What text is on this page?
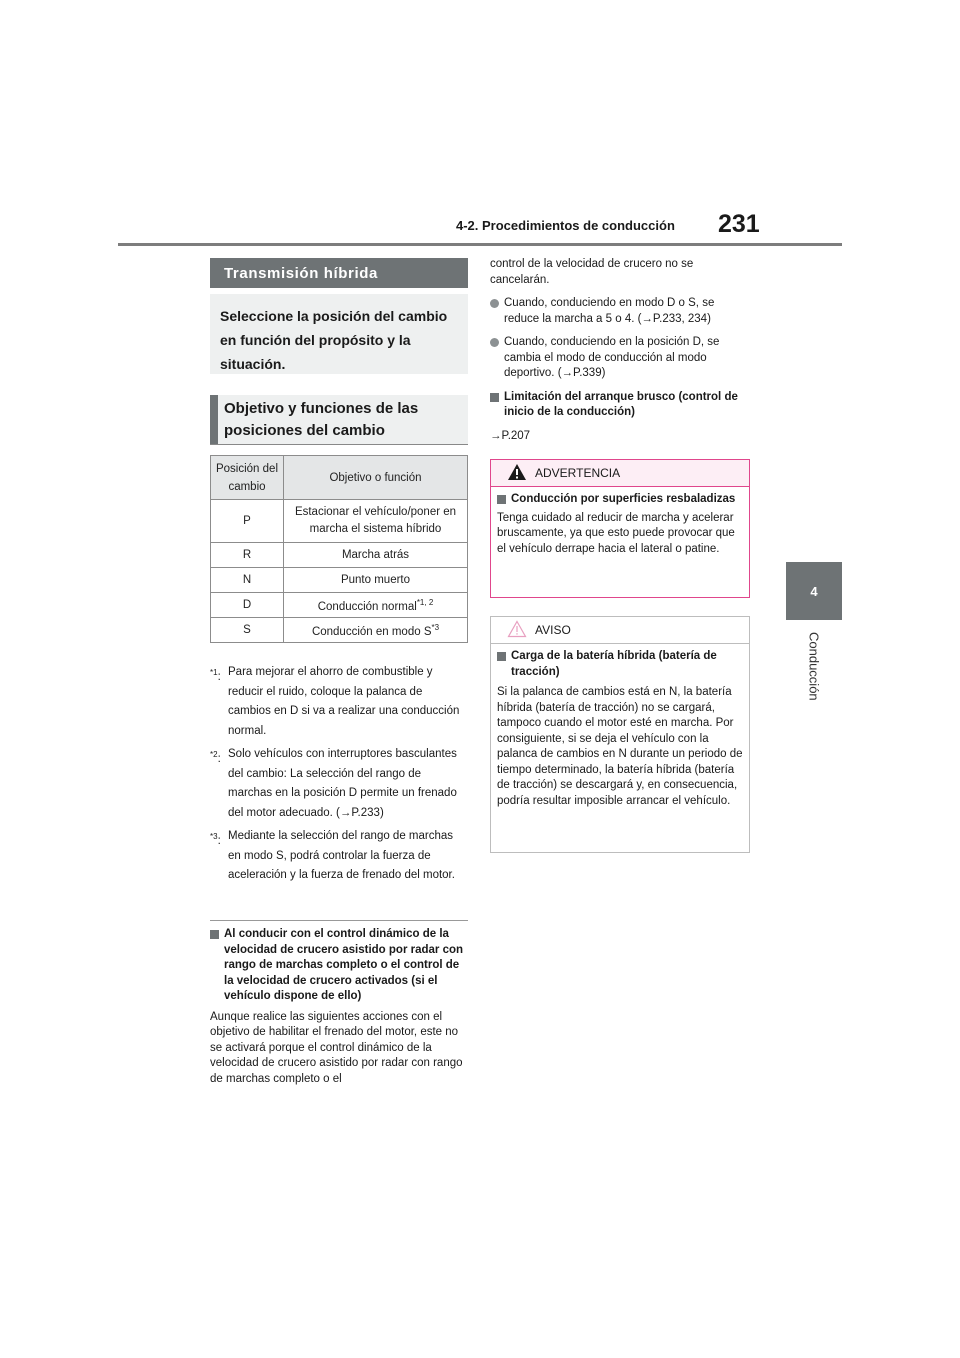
4-2. Procedimientos de conducción 231
4
Conducción
Transmisión híbrida
Seleccione la posición del cambio en función del propósito y la situación.
Objetivo y funciones de las posiciones del cambio
Posición del cambio	Objetivo o función
P	Estacionar el vehículo/poner en marcha el sistema híbrido
R	Marcha atrás
N	Punto muerto
D	Conducción normal$^{*1, 2}$
S	Conducción en modo $S^{*3}$
$^{*1}$: Para mejorar el ahorro de combustible y reducir el ruido, coloque la palanca de cambios en D si va a realizar una conducción normal.
$^{*2}$: Solo vehículos con interruptores basculantes del cambio: La selección del rango de marchas en la posición D permite un frenado del motor adecuado. (→P.233)
$^{*3}$: Mediante la selección del rango de marchas en modo S, podrá controlar la fuerza de aceleración y la fuerza de frenado del motor.
Al conducir con el control dinámico de la velocidad de crucero asistido por radar con rango de marchas completo o el control de la velocidad de crucero activados (si el vehículo dispone de ello)
Aunque realice las siguientes acciones con el objetivo de habilitar el frenado del motor, este no se activará porque el control dinámico de la velocidad de crucero asistido por radar con rango de marchas completo o el
control de la velocidad de crucero no se cancelarán.
Cuando, conduciendo en modo D o S, se reduce la marcha a 5 o 4. (→P.233, 234)
Cuando, conduciendo en la posición D, se cambia el modo de conducción al modo deportivo. (→P.339)
Limitación del arranque brusco (control de inicio de la conducción)
→P.207
ADVERTENCIA
Conducción por superficies resbaladizas
Tenga cuidado al reducir de marcha y acelerar bruscamente, ya que esto puede provocar que el vehículo derrape hacia el lateral o patine.
AVISO
Carga de la batería híbrida (batería de tracción)
Si la palanca de cambios está en N, la batería híbrida (batería de tracción) no se cargará, tampoco cuando el motor esté en marcha. Por consiguiente, si se deja el vehículo con la palanca de cambios en N durante un periodo de tiempo determinado, la batería híbrida (batería de tracción) se descargará y, en consecuencia, podría resultar imposible arrancar el vehículo.
